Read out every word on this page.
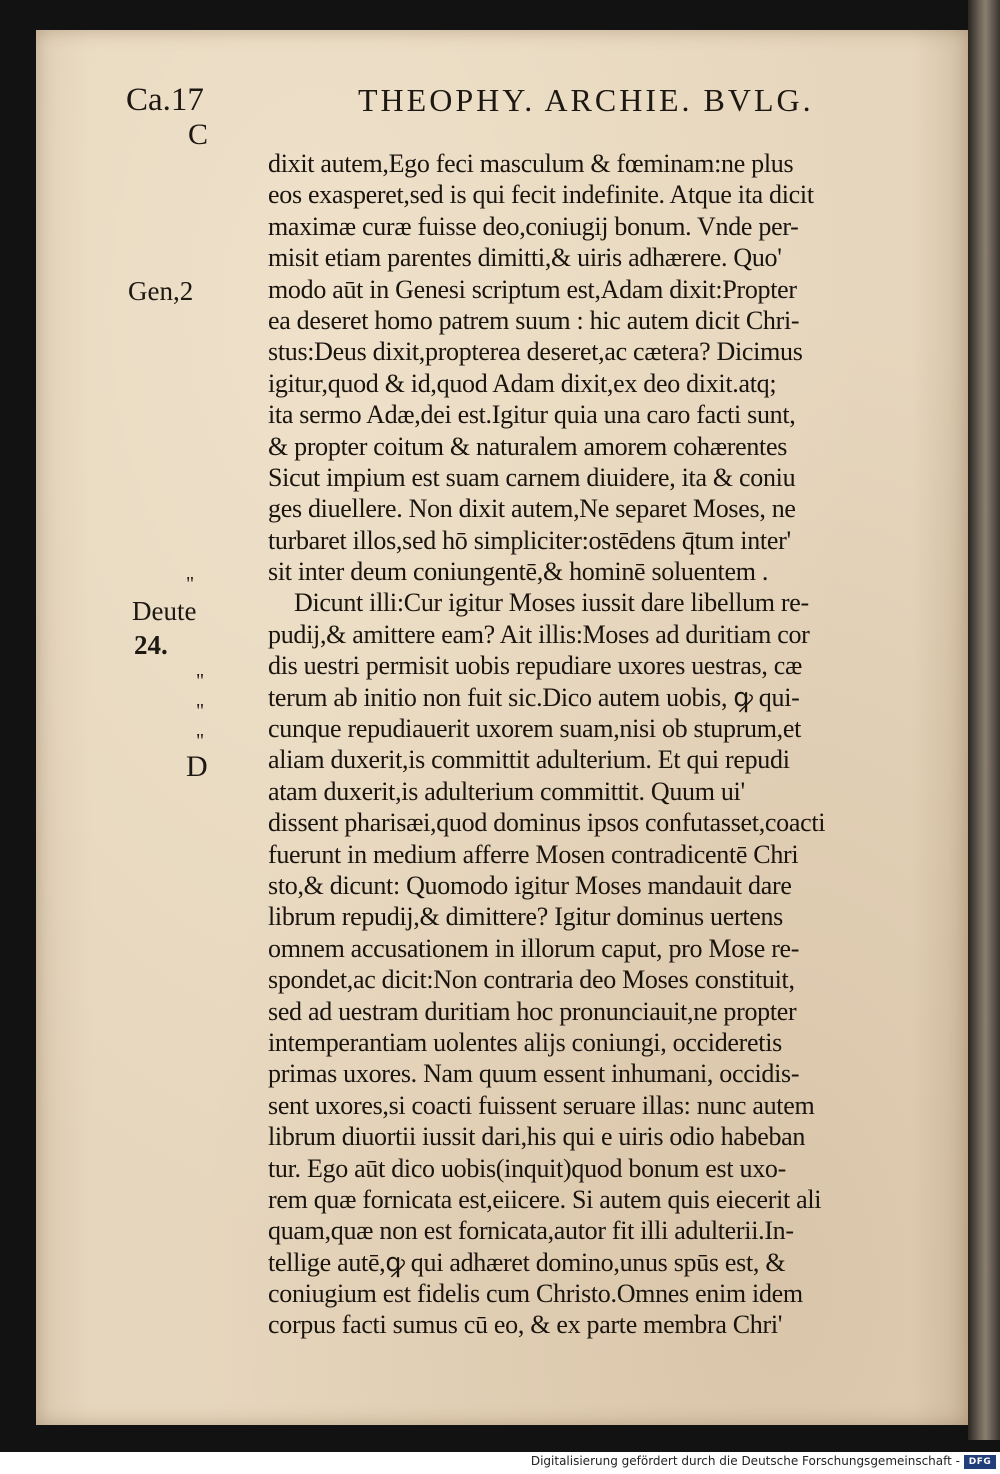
Ca.17	THEOPHY. ARCHIE. BVLG.
C
Gen,2
"
Deute
24.
"
"
"
D
dixit autem,Ego feci masculum & fœminam:ne plus
eos exasperet,sed is qui fecit indefinite. Atque ita dicit
maximæ curæ fuisse deo,coniugij bonum. Vnde per-
misit etiam parentes dimitti,& uiris adhærere. Quo'
modo aūt in Genesi scriptum est,Adam dixit:Propter
ea deseret homo patrem suum : hic autem dicit Chri-
stus:Deus dixit,propterea deseret,ac cætera? Dicimus
igitur,quod & id,quod Adam dixit,ex deo dixit.atq;
ita sermo Adæ,dei est.Igitur quia una caro facti sunt,
& propter coitum & naturalem amorem cohærentes
Sicut impium est suam carnem diuidere, ita & coniu
ges diuellere. Non dixit autem,Ne separet Moses, ne
turbaret illos,sed hō simpliciter:ostēdens q̄tum inter'
sit inter deum coniungentē,& hominē soluentem .
Dicunt illi:Cur igitur Moses iussit dare libellum re-
pudij,& amittere eam? Ait illis:Moses ad duritiam cor
dis uestri permisit uobis repudiare uxores uestras, cæ
terum ab initio non fuit sic.Dico autem uobis, ꝙ qui-
cunque repudiauerit uxorem suam,nisi ob stuprum,et
aliam duxerit,is committit adulterium. Et qui repudi
atam duxerit,is adulterium committit. Quum ui'
dissent pharisæi,quod dominus ipsos confutasset,coacti
fuerunt in medium afferre Mosen contradicentē Chri
sto,& dicunt: Quomodo igitur Moses mandauit dare
librum repudij,& dimittere? Igitur dominus uertens
omnem accusationem in illorum caput, pro Mose re-
spondet,ac dicit:Non contraria deo Moses constituit,
sed ad uestram duritiam hoc pronunciauit,ne propter
intemperantiam uolentes alijs coniungi, occideretis
primas uxores. Nam quum essent inhumani, occidis-
sent uxores,si coacti fuissent seruare illas: nunc autem
librum diuortii iussit dari,his qui e uiris odio habeban
tur. Ego aūt dico uobis(inquit)quod bonum est uxo-
rem quæ fornicata est,eiicere. Si autem quis eiecerit ali
quam,quæ non est fornicata,autor fit illi adulterii.In-
tellige autē,ꝙ qui adhæret domino,unus spūs est, &
coniugium est fidelis cum Christo.Omnes enim idem
corpus facti sumus cū eo, & ex parte membra Chri'
Digitalisierung gefördert durch die Deutsche Forschungsgemeinschaft - DFG
